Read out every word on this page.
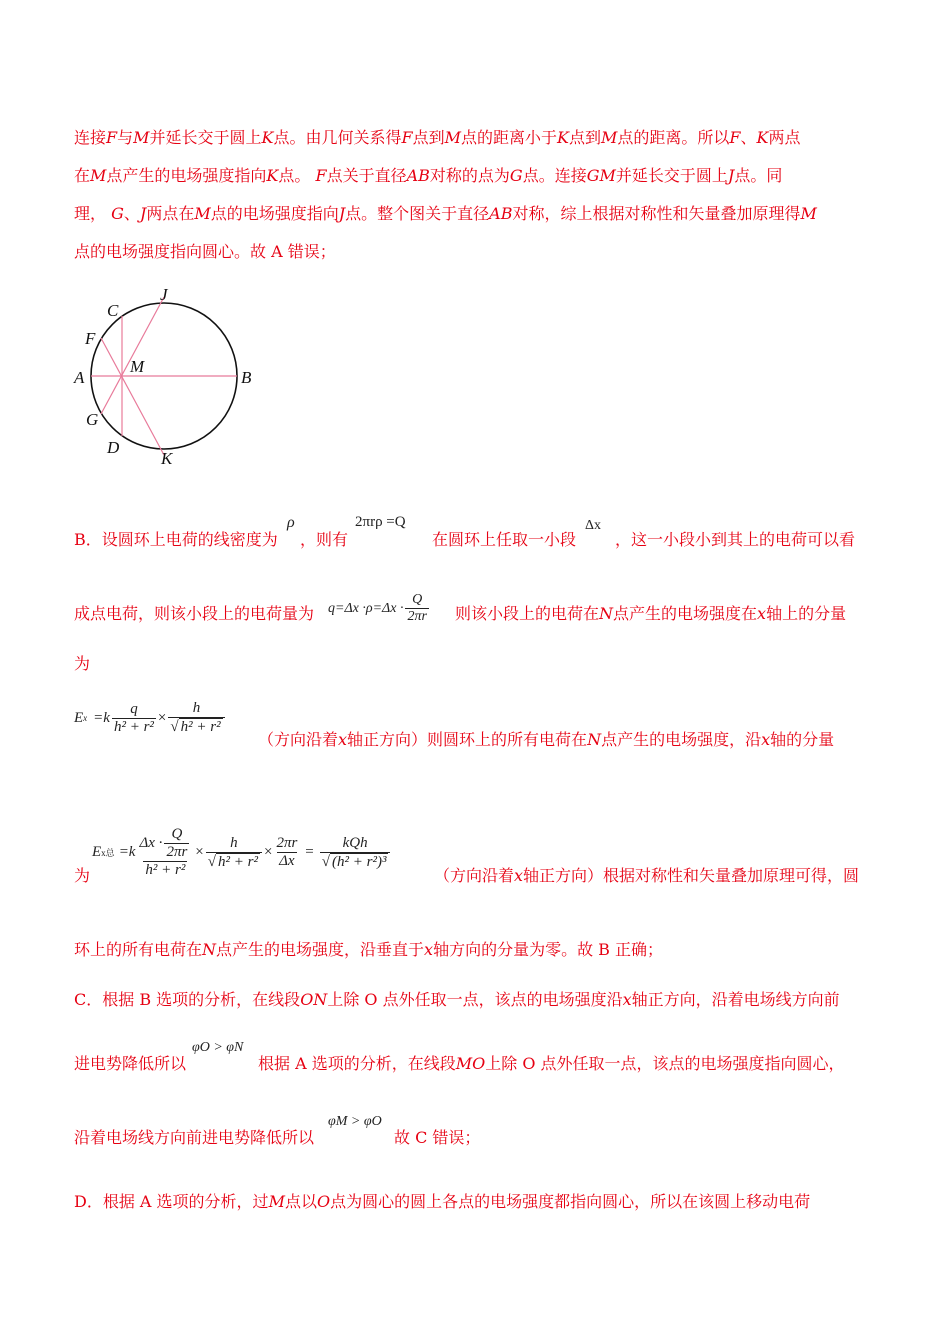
连接F与M并延长交于圆上K点。由几何关系得F点到M点的距离小于K点到M点的距离。所以F、K两点
在M点产生的电场强度指向K点。 F点关于直径AB对称的点为G点。连接GM并延长交于圆上J点。同
理， G、J两点在M点的电场强度指向J点。整个图关于直径AB对称，综上根据对称性和矢量叠加原理得M
点的电场强度指向圆心。故 A 错误；
C
J
F
M
A	B
G
D
K
B．设圆环上电荷的线密度为
ρ
，则有
2πrρ =Q
在圆环上任取一小段
Δx
，这一小段小到其上的电荷可以看
成点电荷，则该小段上的电荷量为 $q=\Delta x \cdot\rho=\Delta x \cdot \frac{Q}{2\pi r}$ 则该小段上的电荷在N点产生的电场强度在x轴上的分量
为
E $x =k \frac{q}{\text{h² + r²}} \times \frac{h}{\text{√ h² + r²}}$
（方向沿着x轴正方向）则圆环上的所有电荷在N点产生的电场强度，沿x轴的分量
为
E x总 $=k \frac{\Delta x \cdot \frac{Q}{2\pi r}}{\text{h² + r²}} \times \frac{h}{\text{√ h² + r²}} \times \frac{2\pi r}{\Delta x} = \frac{\text{kQh}}{\text{√ (h² + r²)³}}$
（方向沿着x轴正方向）根据对称性和矢量叠加原理可得，圆
环上的所有电荷在N点产生的电场强度，沿垂直于x轴方向的分量为零。故 B 正确；
C．根据 B 选项的分析，在线段ON上除 O 点外任取一点，该点的电场强度沿x轴正方向，沿着电场线方向前
进电势降低所以
φO > φN
根据 A 选项的分析，在线段MO上除 O 点外任取一点，该点的电场强度指向圆心，
沿着电场线方向前进电势降低所以
φM > φO
故 C 错误；
D．根据 A 选项的分析，过M点以O点为圆心的圆上各点的电场强度都指向圆心，所以在该圆上移动电荷
